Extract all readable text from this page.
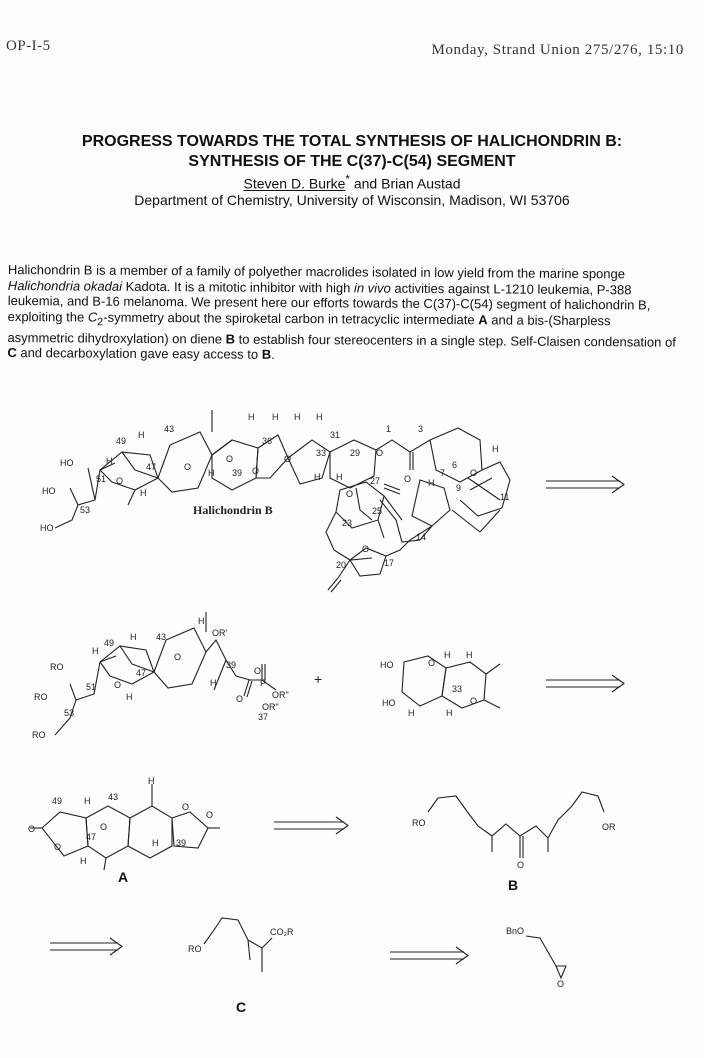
OP-I-5	Monday, Strand Union 275/276, 15:10
PROGRESS TOWARDS THE TOTAL SYNTHESIS OF HALICHONDRIN B:
SYNTHESIS OF THE C(37)-C(54) SEGMENT
Steven D. Burke* and Brian Austad
Department of Chemistry, University of Wisconsin, Madison, WI 53706
Halichondrin B is a member of a family of polyether macrolides isolated in low yield from the marine sponge Halichondria okadai Kadota. It is a mitotic inhibitor with high in vivo activities against L-1210 leukemia, P-388 leukemia, and B-16 melanoma. We present here our efforts towards the C(37)-C(54) segment of halichondrin B, exploiting the $C_2$-symmetry about the spiroketal carbon in tetracyclic intermediate A and a bis-(Sharpless asymmetric dihydroxylation) on diene B to establish four stereocenters in a single step. Self-Claisen condensation of C and decarboxylation gave easy access to B.
HO
HO
HO
53
51
49
47
43
39
36
33
31
29
27
25
23
20	17
14
11
9
7
6
3
1
H
H
H
H
H H H H
H H
H
H
O
O
O
O
O
O
O
O
O
O
Halichondrin B
OR'
RO
RO
RO
53
51
49
47
43
39
37
P
OR"
OR"
H
H
H
H
H
O
O
O
O	+
HO
HO
33
H H
H	H
O
O
49	43
47
39
H
H
H
H
O
O
O
O
O
RO	OR
O
RO
CO₂R	BnO
O
A	B
C
